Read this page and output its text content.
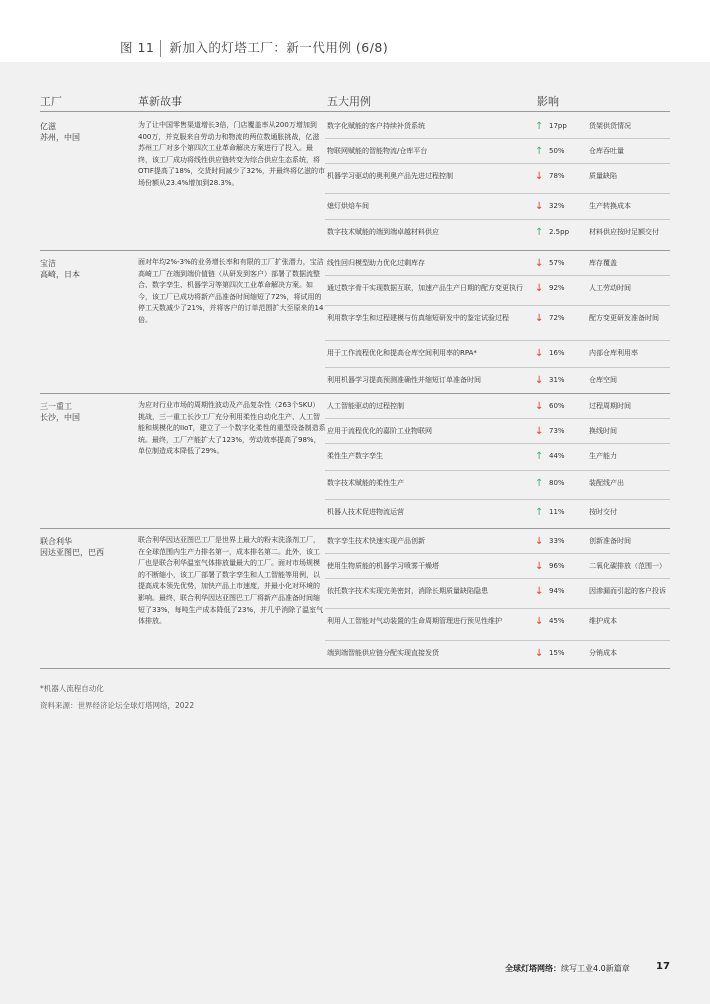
图 11 新加入的灯塔工厂：新一代用例 (6/8)
工厂	革新故事	五大用例	影响
亿滋
苏州，中国
为了让中国零售渠道增长3倍，门店覆盖率从200万增加到400万，并克服来自劳动力和物流的两位数通胀挑战，亿滋苏州工厂对多个第四次工业革命解决方案进行了投入。最终，该工厂成功将线性供应链转变为综合供应生态系统，将OTIF提高了18%，交货时间减少了32%，并最终将亿滋的市场份额从23.4%增加到28.3%。
数字化赋能的客户持续补货系统	↑ 17pp	货架供货情况
物联网赋能的智能物流/仓库平台	↑ 50%	仓库吞吐量
机器学习驱动的奥利奥产品先进过程控制	↓ 78%	质量缺陷
熄灯烘焙车间	↓ 32%	生产转换成本
数字技术赋能的端到端卓越材料供应	↑ 2.5pp	材料供应按时足额交付
宝洁
高崎，日本
面对年均2%-3%的业务增长率和有限的工厂扩张潜力，宝洁高崎工厂在端到端价值链（从研发到客户）部署了数据流整合、数字孪生、机器学习等第四次工业革命解决方案。如今，该工厂已成功将新产品准备时间缩短了72%，将试用的停工天数减少了21%，并将客户的订单范围扩大至原来的14倍。
线性回归模型助力优化过剩库存	↓ 57%	库存覆盖
通过数字骨干实现数据互联，加速产品生产日期的配方变更执行	↓ 92%	人工劳动时间
利用数字孪生和过程建模与仿真缩短研发中的鉴定试验过程	↓ 72%	配方变更研发准备时间
用于工作流程优化和提高仓库空间利用率的RPA*	↓ 16%	内部仓库利用率
利用机器学习提高预测准确性并缩短订单准备时间	↓ 31%	仓库空间
三一重工
长沙，中国
为应对行业市场的周期性波动及产品复杂性（263个SKU）挑战，三一重工长沙工厂充分利用柔性自动化生产、人工智能和规模化的IIoT，建立了一个数字化柔性的重型设备制造系统。最终，工厂产能扩大了123%，劳动效率提高了98%，单位制造成本降低了29%。
人工智能驱动的过程控制	↓ 60%	过程周期时间
应用于流程优化的嘉阶工业物联网	↓ 73%	换线时间
柔性生产数字孪生	↑ 44%	生产能力
数字技术赋能的柔性生产	↑ 80%	装配线产出
机器人技术促进物流运营	↑ 11%	按时交付
联合利华
因达亚图巴，巴西
联合利华因达亚图巴工厂是世界上最大的粉末洗涤剂工厂，在全球范围内生产力排名第一，成本排名第二。此外，该工厂也是联合利华温室气体排放量最大的工厂。面对市场规模的不断缩小，该工厂部署了数字孪生和人工智能等用例，以提高成本领先优势，加快产品上市速度，并最小化对环境的影响。最终，联合利华因达亚图巴工厂将新产品准备时间缩短了33%，每吨生产成本降低了23%，并几乎消除了温室气体排放。
数字孪生技术快速实现产品创新	↓ 33%	创新准备时间
使用生物质能的机器学习喷雾干燥塔	↓ 96%	二氧化碳排放（范围一）
依托数字技术实现完美密封，消除长期质量缺陷隐患	↓ 94%	因渗漏而引起的客户投诉
利用人工智能对气动装置的生命周期管理进行预见性维护	↓ 45%	维护成本
端到端智能供应链分配实现直接发货	↓ 15%	分销成本
*机器人流程自动化
资料来源：世界经济论坛全球灯塔网络，2022
全球灯塔网络：续写工业4.0新篇章	17
